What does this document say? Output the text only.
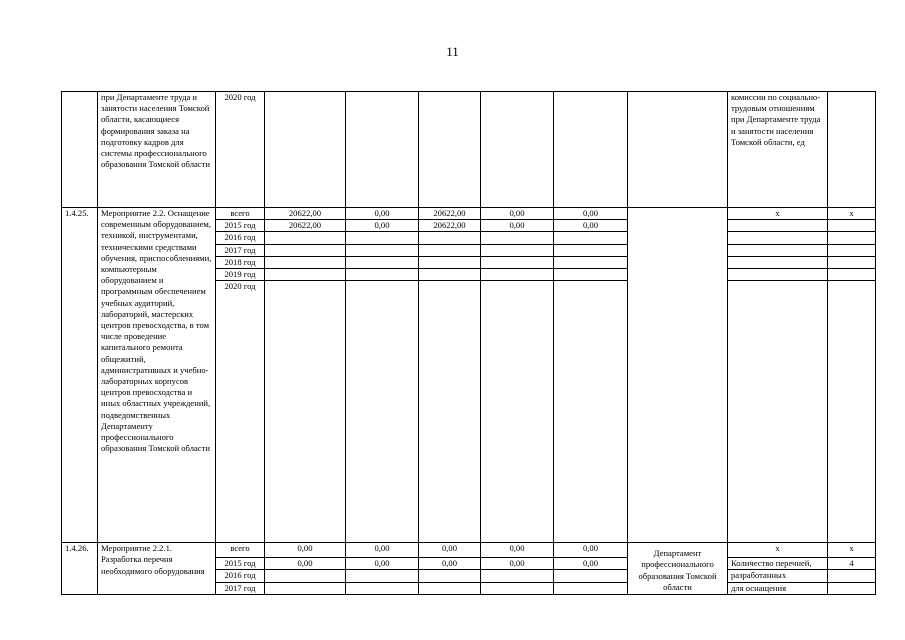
11
	при Департаменте труда и занятости населения Томской области, касающиеся формирования заказа на подготовку кадров для системы профессионального образования Томской области	2020 год							комиссии по социально- трудовым отношениям при Департаменте труда и занятости населения Томской области, ед	
1.4.25.	Мероприятие 2.2. Оснащение современным оборудованием, техникой, инструментами, техническими средствами обучения, приспособлениями, компьютерным оборудованием и программным обеспечением учебных аудиторий, лабораторий, мастерских центров превосходства, в том числе проведение капитального ремонта общежитий, административных и учебно-лабораторных корпусов центров превосходства и иных областных учреждений, подведомственных Департаменту профессионального образования Томской области	всего	20622,00	0,00	20622,00	0,00	0,00		х	х
		2015 год	20622,00	0,00	20622,00	0,00	0,00			
		2016 год								
		2017 год								
		2018 год								
		2019 год								
		2020 год								
1.4.26.	Мероприятие 2.2.1. Разработка перечня необходимого оборудования	всего	0,00	0,00	0,00	0,00	0,00	Департамент профессионального образования Томской области	х	х
		2015 год	0,00	0,00	0,00	0,00	0,00		Количество перечней,	4
		2016 год							разработанных	
		2017 год							для оснащения	
